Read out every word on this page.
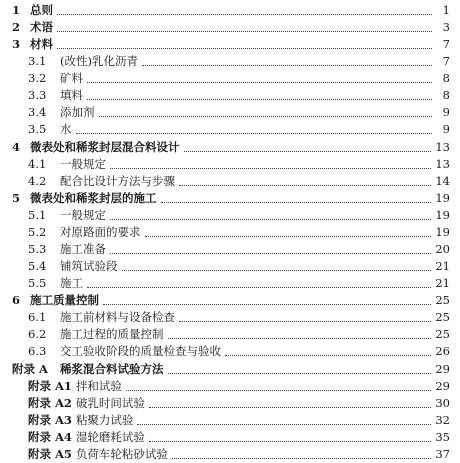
1 总则	1
2 术语	3
3 材料	7
3.1	(改性)乳化沥青	7
3.2	矿料	8
3.3	填料	8
3.4	添加剂	9
3.5	水	9
4 微表处和稀浆封层混合料设计	13
4.1	一般规定	13
4.2	配合比设计方法与步骤	14
5 微表处和稀浆封层的施工	19
5.1	一般规定	19
5.2	对原路面的要求	19
5.3	施工准备	20
5.4	铺筑试验段	21
5.5	施工	21
6 施工质量控制	25
6.1	施工前材料与设备检查	25
6.2	施工过程的质量控制	25
6.3	交工验收阶段的质量检查与验收	26
附录 A	稀浆混合料试验方法	29
附录 A1 拌和试验	29
附录 A2 破乳时间试验	30
附录 A3 粘聚力试验	32
附录 A4 湿轮磨耗试验	35
附录 A5 负荷车轮粘砂试验	37
